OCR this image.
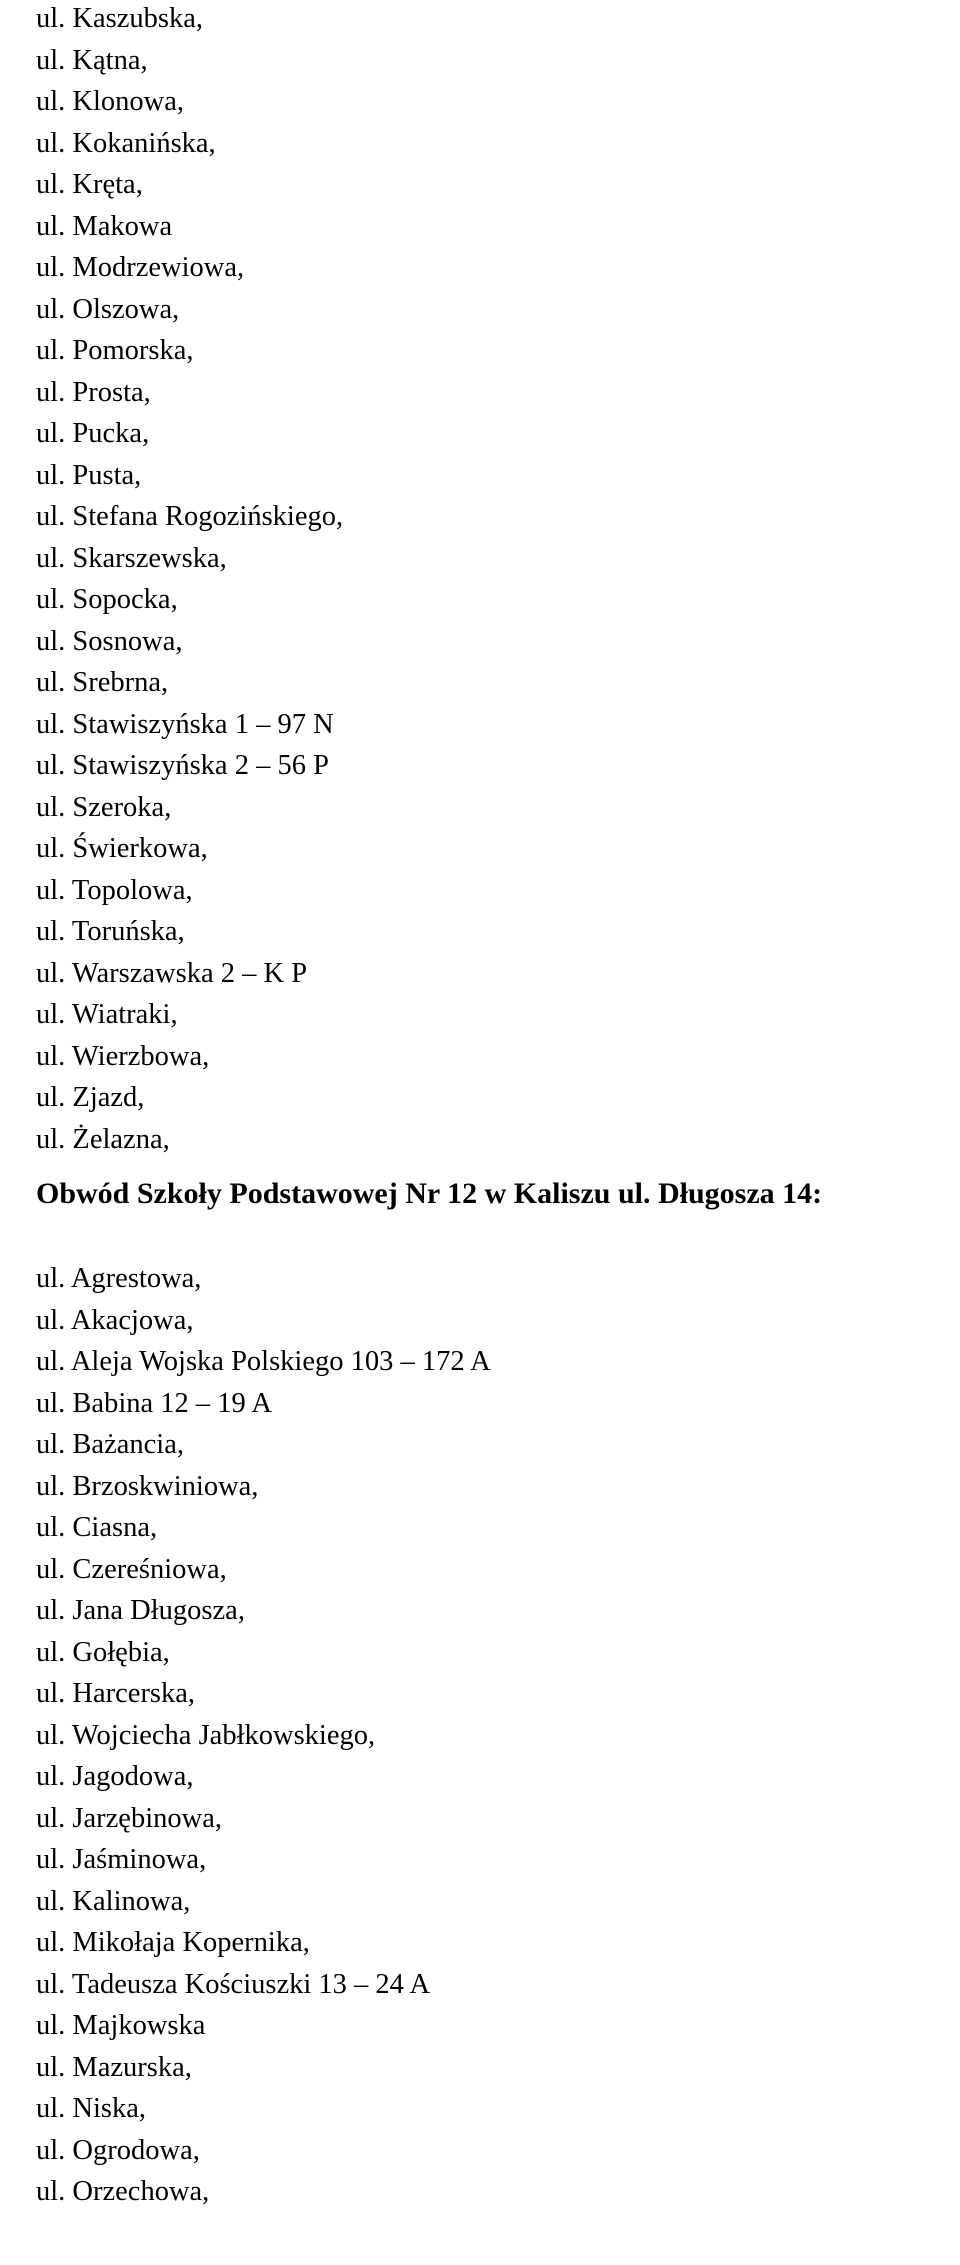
ul. Kaszubska,
ul. Kątna,
ul. Klonowa,
ul. Kokanińska,
ul. Kręta,
ul. Makowa
ul. Modrzewiowa,
ul. Olszowa,
ul. Pomorska,
ul. Prosta,
ul. Pucka,
ul. Pusta,
ul. Stefana Rogozińskiego,
ul. Skarszewska,
ul. Sopocka,
ul. Sosnowa,
ul. Srebrna,
ul. Stawiszyńska 1 – 97 N
ul. Stawiszyńska 2 – 56 P
ul. Szeroka,
ul. Świerkowa,
ul. Topolowa,
ul. Toruńska,
ul. Warszawska 2 – K P
ul. Wiatraki,
ul. Wierzbowa,
ul. Zjazd,
ul. Żelazna,
Obwód Szkoły Podstawowej Nr 12 w Kaliszu ul. Długosza 14:
ul. Agrestowa,
ul. Akacjowa,
ul. Aleja Wojska Polskiego 103 – 172 A
ul. Babina 12 – 19 A
ul. Bażancia,
ul. Brzoskwiniowa,
ul. Ciasna,
ul. Czereśniowa,
ul. Jana Długosza,
ul. Gołębia,
ul. Harcerska,
ul. Wojciecha Jabłkowskiego,
ul. Jagodowa,
ul. Jarzębinowa,
ul. Jaśminowa,
ul. Kalinowa,
ul. Mikołaja Kopernika,
ul. Tadeusza Kościuszki 13 – 24 A
ul. Majkowska
ul. Mazurska,
ul. Niska,
ul. Ogrodowa,
ul. Orzechowa,
